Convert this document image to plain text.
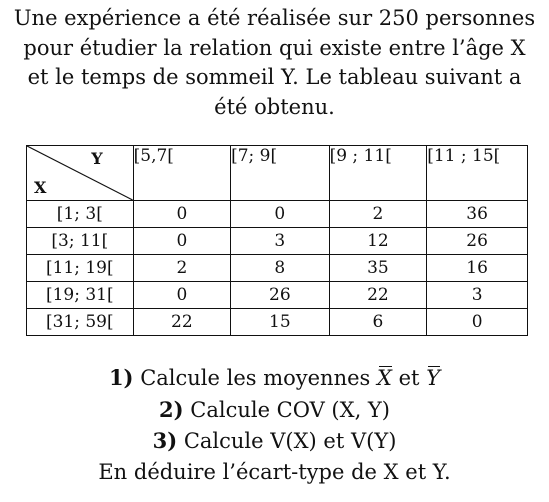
Une expérience a été réalisée sur 250 personnes
pour étudier la relation qui existe entre l’âge X
et le temps de sommeil Y. Le tableau suivant a
été obtenu.
Y
X	[5,7[	[7; 9[	[9 ; 11[	[11 ; 15[
[1; 3[	0	0	2	36
[3; 11[	0	3	12	26
[11; 19[	2	8	35	16
[19; 31[	0	26	22	3
[31; 59[	22	15	6	0
1) Calcule les moyennes X et Y
2) Calcule COV (X, Y)
3) Calcule V(X) et V(Y)
En déduire l’écart-type de X et Y.
